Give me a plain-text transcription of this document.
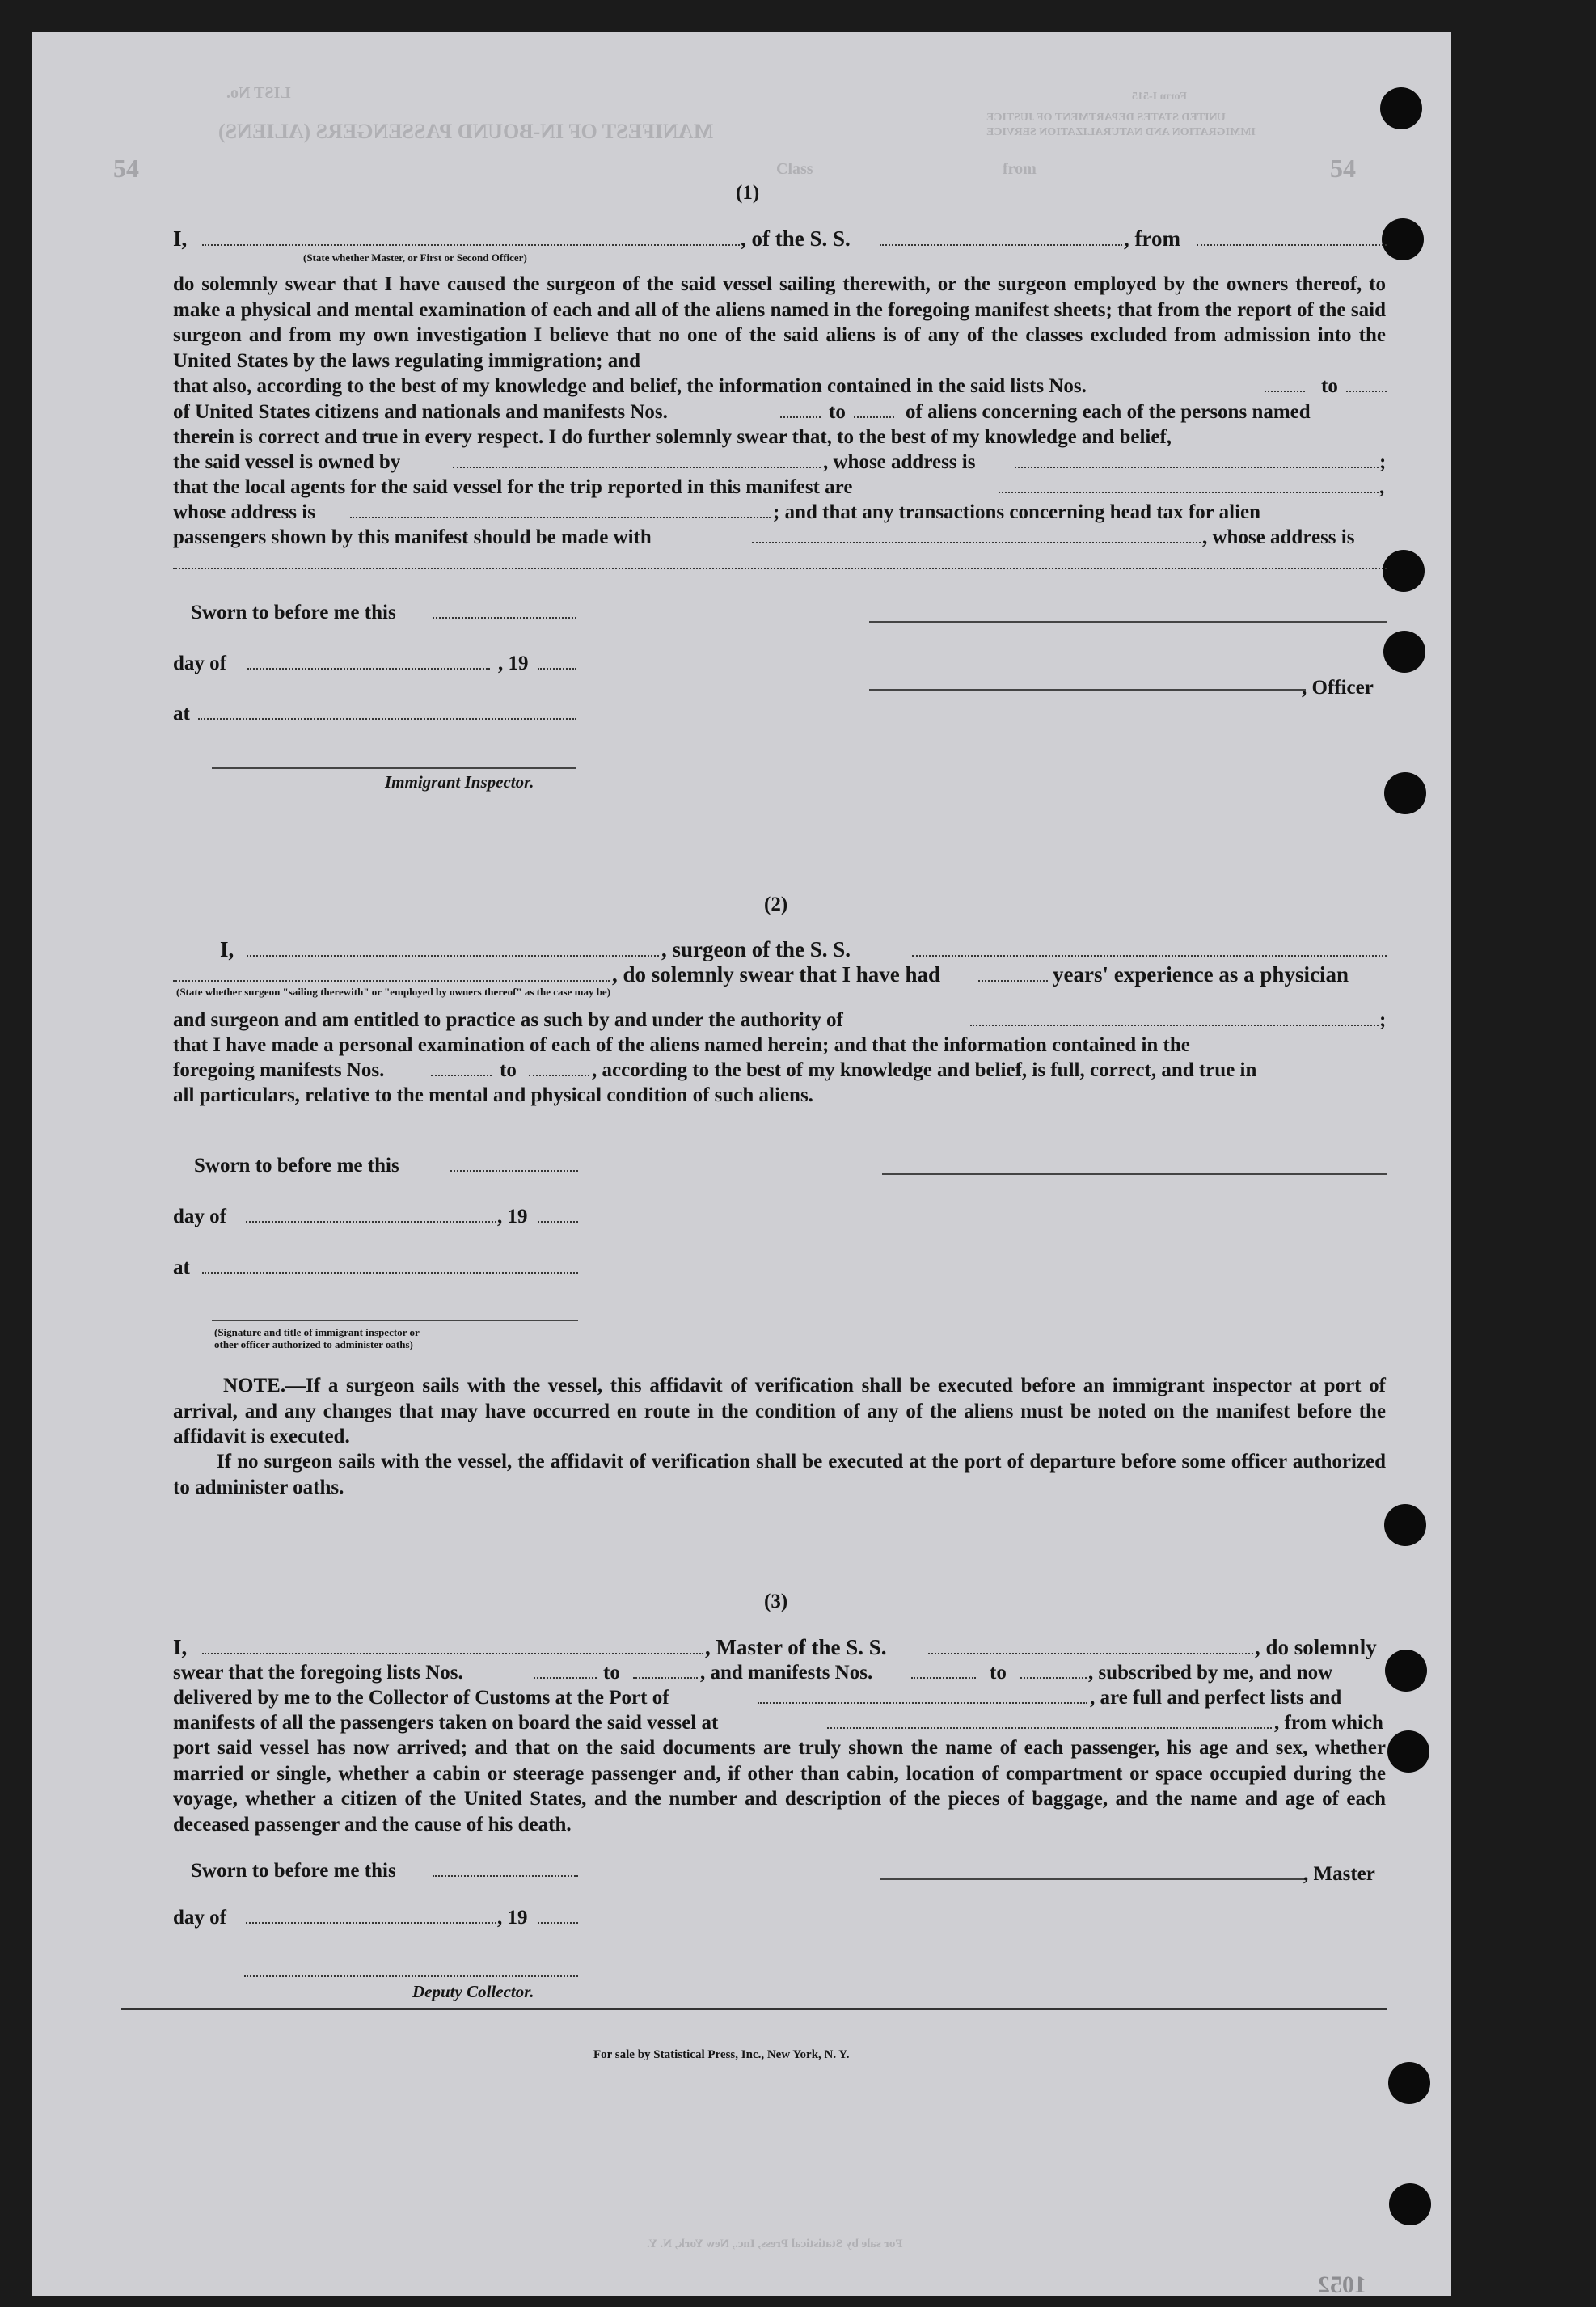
MANIFEST OF IN-BOUND PASSENGERS (ALIENS)
Class	from
54	54
UNITED STATES DEPARTMENT OF JUSTICE
IMMIGRATION AND NATURALIZATION SERVICE
Form I-515
LIST No.
(1)
I,	, of the S. S.	, from
(State whether Master, or First or Second Officer)
do solemnly swear that I have caused the surgeon of the said vessel sailing therewith, or the surgeon employed by the owners thereof, to make a physical and mental examination of each and all of the aliens named in the foregoing manifest sheets; that from the report of the said surgeon and from my own investigation I believe that no one of the said aliens is of any of the classes excluded from admission into the United States by the laws regulating immigration; and
that also, according to the best of my knowledge and belief, the information contained in the said lists Nos.	to
of United States citizens and nationals and manifests Nos.	to	of aliens concerning each of the persons named
therein is correct and true in every respect. I do further solemnly swear that, to the best of my knowledge and belief,
the said vessel is owned by	, whose address is	;
that the local agents for the said vessel for the trip reported in this manifest are	,
whose address is	; and that any transactions concerning head tax for alien
passengers shown by this manifest should be made with	, whose address is
Sworn to before me this
day of	, 19
, Officer
at
Immigrant Inspector.
(2)
I,	, surgeon of the S. S.
, do solemnly swear that I have had	years' experience as a physician
(State whether surgeon "sailing therewith" or "employed by owners thereof" as the case may be)
and surgeon and am entitled to practice as such by and under the authority of	;
that I have made a personal examination of each of the aliens named herein; and that the information contained in the
foregoing manifests Nos.	to	, according to the best of my knowledge and belief, is full, correct, and true in
all particulars, relative to the mental and physical condition of such aliens.
Sworn to before me this
day of	, 19
at
(Signature and title of immigrant inspector or
other officer authorized to administer oaths)
NOTE.—If a surgeon sails with the vessel, this affidavit of verification shall be executed before an immigrant inspector at port of arrival, and any changes that may have occurred en route in the condition of any of the aliens must be noted on the manifest before the affidavit is executed.
If no surgeon sails with the vessel, the affidavit of verification shall be executed at the port of departure before some officer authorized to administer oaths.
(3)
I,	, Master of the S. S.	, do solemnly
swear that the foregoing lists Nos.	to	, and manifests Nos.	to	, subscribed by me, and now
delivered by me to the Collector of Customs at the Port of	, are full and perfect lists and
manifests of all the passengers taken on board the said vessel at	, from which
port said vessel has now arrived; and that on the said documents are truly shown the name of each passenger, his age and sex, whether married or single, whether a cabin or steerage passenger and, if other than cabin, location of compartment or space occupied during the voyage, whether a citizen of the United States, and the number and description of the pieces of baggage, and the name and age of each deceased passenger and the cause of his death.
Sworn to before me this	, Master
day of	, 19
Deputy Collector.
For sale by Statistical Press, Inc., New York, N. Y.
For sale by Statistical Press, Inc., New York, N. Y.
1052
